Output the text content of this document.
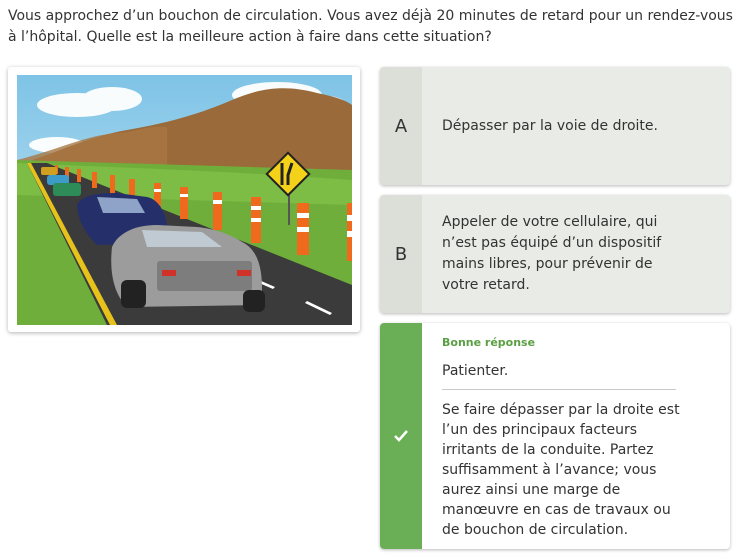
Vous approchez d’un bouchon de circulation. Vous avez déjà 20 minutes de retard pour un rendez-vous à l’hôpital. Quelle est la meilleure action à faire dans cette situation?
A	Dépasser par la voie de droite.
B
Appeler de votre cellulaire, qui n’est pas équipé d’un dispositif mains libres, pour prévenir de votre retard.
Bonne réponse
Patienter.
Se faire dépasser par la droite est l’un des principaux facteurs irritants de la conduite. Partez suffisamment à l’avance; vous aurez ainsi une marge de manœuvre en cas de travaux ou de bouchon de circulation.
